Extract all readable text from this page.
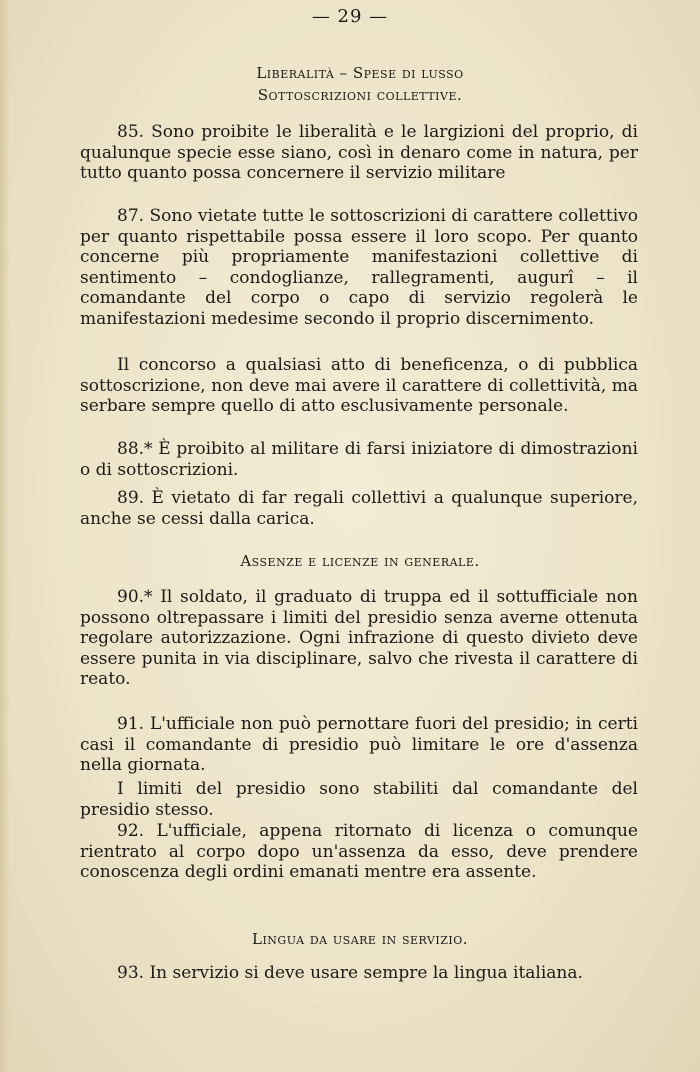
— 29 —
Liberalità – Spese di lusso
Sottoscrizioni collettive.

85. Sono proibite le liberalità e le largizioni del proprio, di qualunque specie esse siano, così in denaro come in natura, per tutto quanto possa concernere il servizio militare

87. Sono vietate tutte le sottoscrizioni di carattere collettivo per quanto rispettabile possa essere il loro scopo. Per quanto concerne più propriamente manifestazioni collettive di sentimento – condoglianze, rallegramenti, augurî – il comandante del corpo o capo di servizio regolerà le manifestazioni medesime secondo il proprio discernimento.

Il concorso a qualsiasi atto di beneficenza, o di pubblica sottoscrizione, non deve mai avere il carattere di collettività, ma serbare sempre quello di atto esclusivamente personale.

88.* È proibito al militare di farsi iniziatore di dimostrazioni o di sottoscrizioni.

89. È vietato di far regali collettivi a qualunque superiore, anche se cessi dalla carica.

Assenze e licenze in generale.

90.* Il soldato, il graduato di truppa ed il sottufficiale non possono oltrepassare i limiti del presidio senza averne ottenuta regolare autorizzazione. Ogni infrazione di questo divieto deve essere punita in via disciplinare, salvo che rivesta il carattere di reato.

91. L'ufficiale non può pernottare fuori del presidio; in certi casi il comandante di presidio può limitare le ore d'assenza nella giornata.

I limiti del presidio sono stabiliti dal comandante del presidio stesso.

92. L'ufficiale, appena ritornato di licenza o comunque rientrato al corpo dopo un'assenza da esso, deve prendere conoscenza degli ordini emanati mentre era assente.

Lingua da usare in servizio.

93. In servizio si deve usare sempre la lingua italiana.
